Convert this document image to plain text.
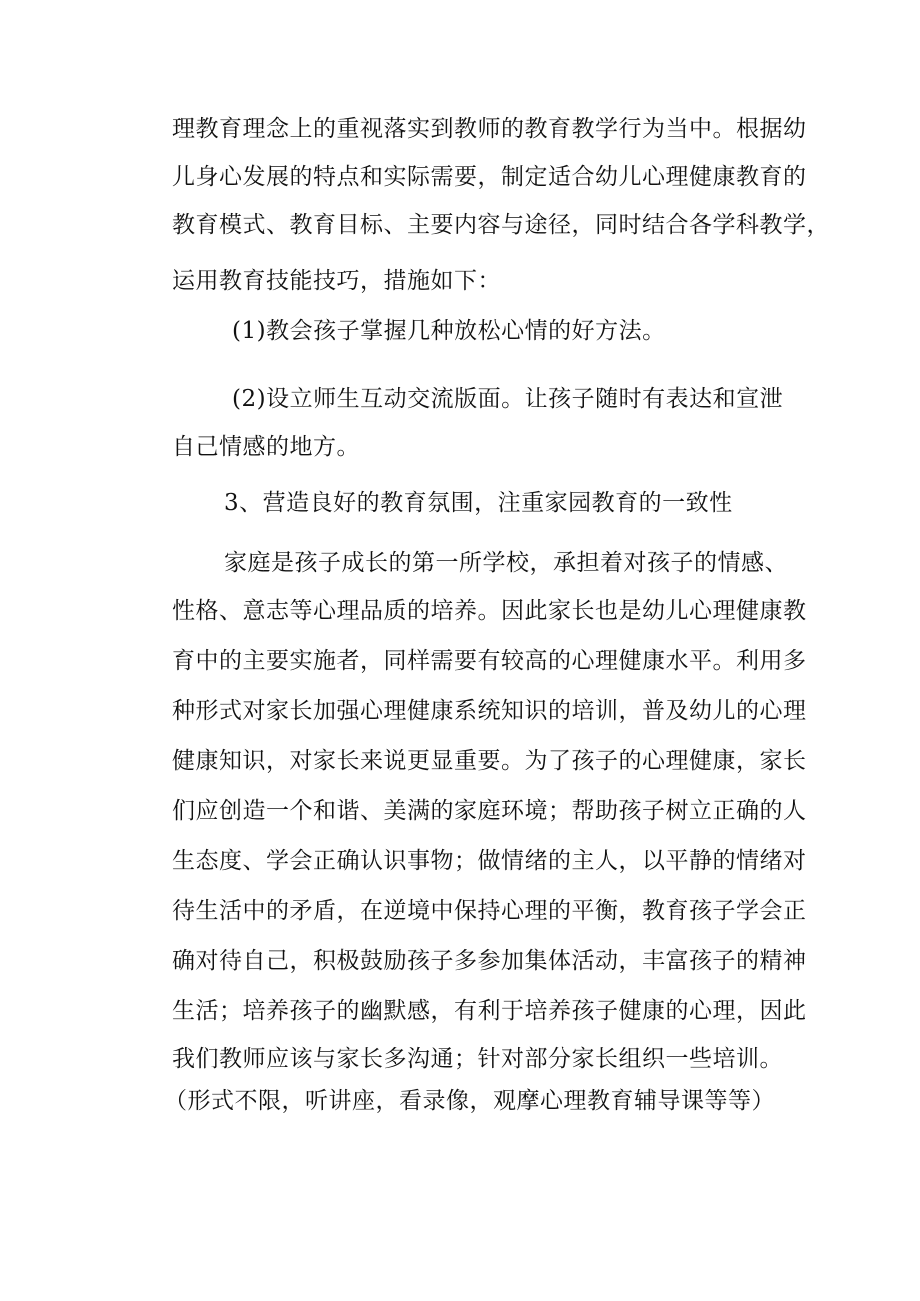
理教育理念上的重视落实到教师的教育教学行为当中。根据幼
儿身心发展的特点和实际需要，制定适合幼儿心理健康教育的
教育模式、教育目标、主要内容与途径，同时结合各学科教学，
运用教育技能技巧，措施如下：
(1)教会孩子掌握几种放松心情的好方法。
(2)设立师生互动交流版面。让孩子随时有表达和宣泄
自己情感的地方。
3、营造良好的教育氛围，注重家园教育的一致性
家庭是孩子成长的第一所学校，承担着对孩子的情感、
性格、意志等心理品质的培养。因此家长也是幼儿心理健康教
育中的主要实施者，同样需要有较高的心理健康水平。利用多
种形式对家长加强心理健康系统知识的培训，普及幼儿的心理
健康知识，对家长来说更显重要。为了孩子的心理健康，家长
们应创造一个和谐、美满的家庭环境；帮助孩子树立正确的人
生态度、学会正确认识事物；做情绪的主人，以平静的情绪对
待生活中的矛盾，在逆境中保持心理的平衡，教育孩子学会正
确对待自己，积极鼓励孩子多参加集体活动，丰富孩子的精神
生活；培养孩子的幽默感，有利于培养孩子健康的心理，因此
我们教师应该与家长多沟通；针对部分家长组织一些培训。
（形式不限，听讲座，看录像，观摩心理教育辅导课等等）
